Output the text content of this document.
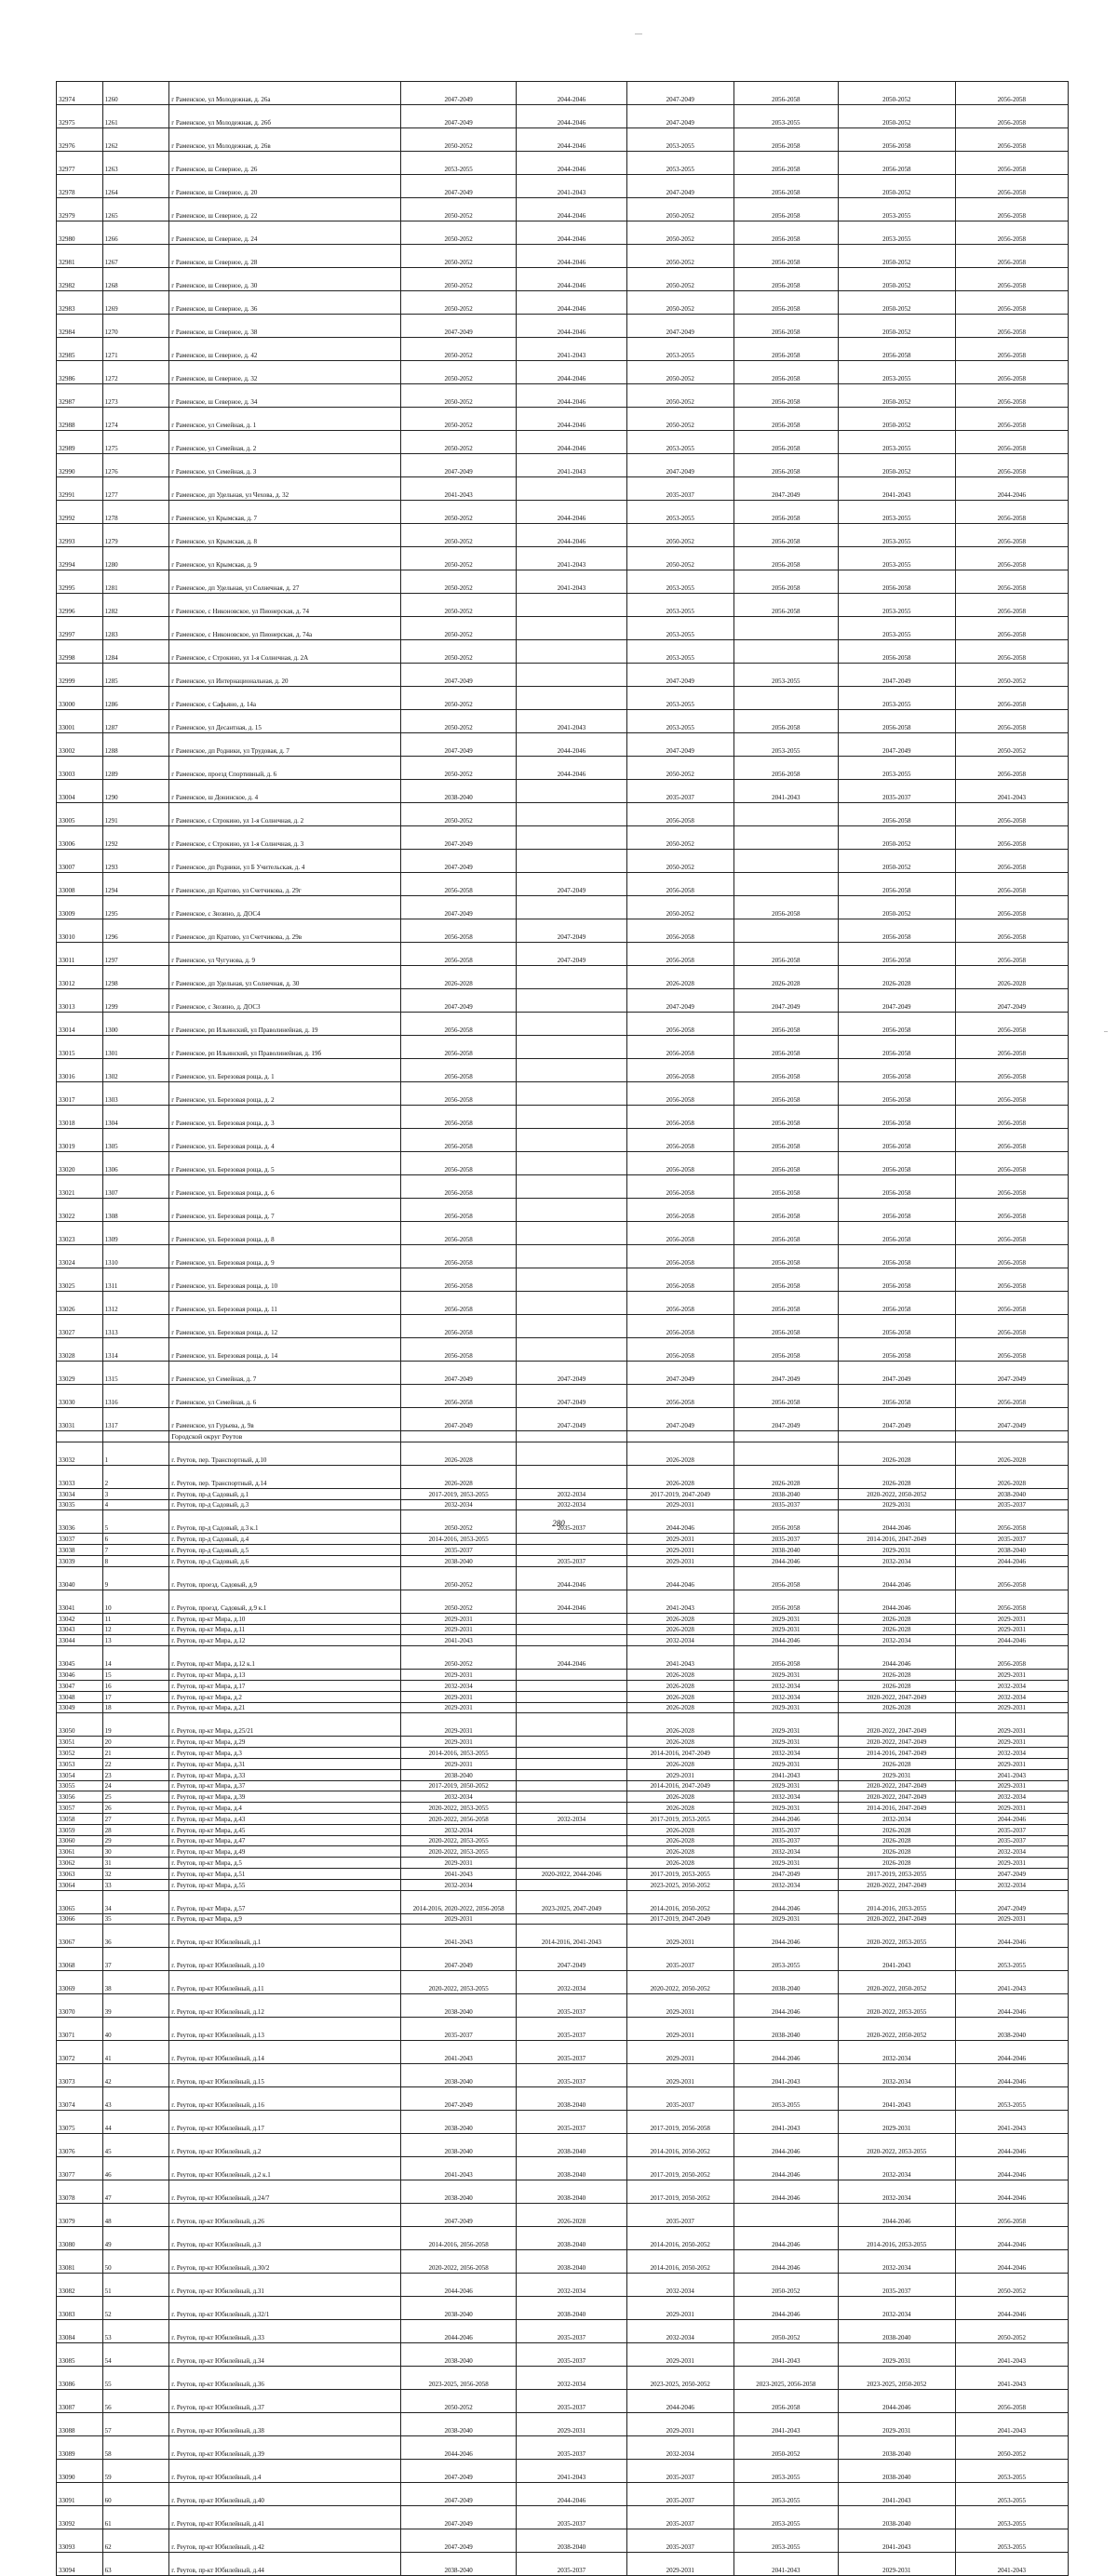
32974	1260	г Раменское, ул Молодежная, д. 26а	2047-2049	2044-2046	2047-2049	2056-2058	2050-2052	2056-2058
32975	1261	г Раменское, ул Молодежная, д. 26б	2047-2049	2044-2046	2047-2049	2053-2055	2050-2052	2056-2058
32976	1262	г Раменское, ул Молодежная, д. 26в	2050-2052	2044-2046	2053-2055	2056-2058	2056-2058	2056-2058
32977	1263	г Раменское, ш Северное, д. 26	2053-2055	2044-2046	2053-2055	2056-2058	2056-2058	2056-2058
32978	1264	г Раменское, ш Северное, д. 20	2047-2049	2041-2043	2047-2049	2056-2058	2050-2052	2056-2058
32979	1265	г Раменское, ш Северное, д. 22	2050-2052	2044-2046	2050-2052	2056-2058	2053-2055	2056-2058
32980	1266	г Раменское, ш Северное, д. 24	2050-2052	2044-2046	2050-2052	2056-2058	2053-2055	2056-2058
32981	1267	г Раменское, ш Северное, д. 28	2050-2052	2044-2046	2050-2052	2056-2058	2050-2052	2056-2058
32982	1268	г Раменское, ш Северное, д. 30	2050-2052	2044-2046	2050-2052	2056-2058	2050-2052	2056-2058
32983	1269	г Раменское, ш Северное, д. 36	2050-2052	2044-2046	2050-2052	2056-2058	2050-2052	2056-2058
32984	1270	г Раменское, ш Северное, д. 38	2047-2049	2044-2046	2047-2049	2056-2058	2050-2052	2056-2058
32985	1271	г Раменское, ш Северное, д. 42	2050-2052	2041-2043	2053-2055	2056-2058	2056-2058	2056-2058
32986	1272	г Раменское, ш Северное, д. 32	2050-2052	2044-2046	2050-2052	2056-2058	2053-2055	2056-2058
32987	1273	г Раменское, ш Северное, д. 34	2050-2052	2044-2046	2050-2052	2056-2058	2050-2052	2056-2058
32988	1274	г Раменское, ул Семейная, д. 1	2050-2052	2044-2046	2050-2052	2056-2058	2050-2052	2056-2058
32989	1275	г Раменское, ул Семейная, д. 2	2050-2052	2044-2046	2053-2055	2056-2058	2053-2055	2056-2058
32990	1276	г Раменское, ул Семейная, д. 3	2047-2049	2041-2043	2047-2049	2056-2058	2050-2052	2056-2058
32991	1277	г Раменское, дп Удельная, ул Чехова, д. 32	2041-2043		2035-2037	2047-2049	2041-2043	2044-2046
32992	1278	г Раменское, ул Крымская, д. 7	2050-2052	2044-2046	2053-2055	2056-2058	2053-2055	2056-2058
32993	1279	г Раменское, ул Крымская, д. 8	2050-2052	2044-2046	2050-2052	2056-2058	2053-2055	2056-2058
32994	1280	г Раменское, ул Крымская, д. 9	2050-2052	2041-2043	2050-2052	2056-2058	2053-2055	2056-2058
32995	1281	г Раменское, дп Удельная, ул Солнечная, д. 27	2050-2052	2041-2043	2053-2055	2056-2058	2056-2058	2056-2058
32996	1282	г Раменское, с Никоновское, ул Пионерская, д. 74	2050-2052		2053-2055	2056-2058	2053-2055	2056-2058
32997	1283	г Раменское, с Никоновское, ул Пионерская, д. 74а	2050-2052		2053-2055		2053-2055	2056-2058
32998	1284	г Раменское, с Строкино, ул 1-я Солнечная, д. 2А	2050-2052		2053-2055		2056-2058	2056-2058
32999	1285	г Раменское, ул Интернациональная, д. 20	2047-2049		2047-2049	2053-2055	2047-2049	2050-2052
33000	1286	г Раменское, с Сафьяно, д. 14а	2050-2052		2053-2055		2053-2055	2056-2058
33001	1287	г Раменское, ул Десантная, д. 15	2050-2052	2041-2043	2053-2055	2056-2058	2056-2058	2056-2058
33002	1288	г Раменское, дп Родники, ул Трудовая, д. 7	2047-2049	2044-2046	2047-2049	2053-2055	2047-2049	2050-2052
33003	1289	г Раменское, проезд Спортивный, д. 6	2050-2052	2044-2046	2050-2052	2056-2058	2053-2055	2056-2058
33004	1290	г Раменское, ш Донинское, д. 4	2038-2040		2035-2037	2041-2043	2035-2037	2041-2043
33005	1291	г Раменское, с Строкино, ул 1-я Солнечная, д. 2	2050-2052		2056-2058		2056-2058	2056-2058
33006	1292	г Раменское, с Строкино, ул 1-я Солнечная, д. 3	2047-2049		2050-2052		2050-2052	2056-2058
33007	1293	г Раменское, дп Родники, ул Б Учительская, д. 4	2047-2049		2050-2052		2050-2052	2056-2058
33008	1294	г Раменское, дп Кратово, ул Счетчикова, д. 29г	2056-2058	2047-2049	2056-2058		2056-2058	2056-2058
33009	1295	г Раменское, с Зюзино, д. ДОС4	2047-2049		2050-2052	2056-2058	2050-2052	2056-2058
33010	1296	г Раменское, дп Кратово, ул Счетчикова, д. 29в	2056-2058	2047-2049	2056-2058		2056-2058	2056-2058
33011	1297	г Раменское, ул Чугунова, д. 9	2056-2058	2047-2049	2056-2058	2056-2058	2056-2058	2056-2058
33012	1298	г Раменское, дп Удельная, ул Солнечная, д. 30	2026-2028		2026-2028	2026-2028	2026-2028	2026-2028
33013	1299	г Раменское, с Зюзино, д. ДОС3	2047-2049		2047-2049	2047-2049	2047-2049	2047-2049
33014	1300	г Раменское, рп Ильинский, ул Праволинейная, д. 19	2056-2058		2056-2058	2056-2058	2056-2058	2056-2058
33015	1301	г Раменское, рп Ильинский, ул Праволинейная, д. 19б	2056-2058		2056-2058	2056-2058	2056-2058	2056-2058
33016	1302	г Раменское, ул. Березовая роща, д. 1	2056-2058		2056-2058	2056-2058	2056-2058	2056-2058
33017	1303	г Раменское, ул. Березовая роща, д. 2	2056-2058		2056-2058	2056-2058	2056-2058	2056-2058
33018	1304	г Раменское, ул. Березовая роща, д. 3	2056-2058		2056-2058	2056-2058	2056-2058	2056-2058
33019	1305	г Раменское, ул. Березовая роща, д. 4	2056-2058		2056-2058	2056-2058	2056-2058	2056-2058
33020	1306	г Раменское, ул. Березовая роща, д. 5	2056-2058		2056-2058	2056-2058	2056-2058	2056-2058
33021	1307	г Раменское, ул. Березовая роща, д. 6	2056-2058		2056-2058	2056-2058	2056-2058	2056-2058
33022	1308	г Раменское, ул. Березовая роща, д. 7	2056-2058		2056-2058	2056-2058	2056-2058	2056-2058
33023	1309	г Раменское, ул. Березовая роща, д. 8	2056-2058		2056-2058	2056-2058	2056-2058	2056-2058
33024	1310	г Раменское, ул. Березовая роща, д. 9	2056-2058		2056-2058	2056-2058	2056-2058	2056-2058
33025	1311	г Раменское, ул. Березовая роща, д. 10	2056-2058		2056-2058	2056-2058	2056-2058	2056-2058
33026	1312	г Раменское, ул. Березовая роща, д. 11	2056-2058		2056-2058	2056-2058	2056-2058	2056-2058
33027	1313	г Раменское, ул. Березовая роща, д. 12	2056-2058		2056-2058	2056-2058	2056-2058	2056-2058
33028	1314	г Раменское, ул. Березовая роща, д. 14	2056-2058		2056-2058	2056-2058	2056-2058	2056-2058
33029	1315	г Раменское, ул Семейная, д. 7	2047-2049	2047-2049	2047-2049	2047-2049	2047-2049	2047-2049
33030	1316	г Раменское, ул Семейная, д. 6	2056-2058	2047-2049	2056-2058	2056-2058	2056-2058	2056-2058
33031	1317	г Раменское, ул Гурьева, д. 9в	2047-2049	2047-2049	2047-2049	2047-2049	2047-2049	2047-2049
		Городской округ Реутов						
33032	1	г. Реутов, пер. Транспортный, д.10	2026-2028		2026-2028		2026-2028	2026-2028
33033	2	г. Реутов, пер. Транспортный, д.14	2026-2028		2026-2028	2026-2028	2026-2028	2026-2028
33034	3	г. Реутов, пр-д Садовый, д.1	2017-2019, 2053-2055	2032-2034	2017-2019, 2047-2049	2038-2040	2020-2022, 2050-2052	2038-2040
33035	4	г. Реутов, пр-д Садовый, д.3	2032-2034	2032-2034	2029-2031	2035-2037	2029-2031	2035-2037
33036	5	г. Реутов, пр-д Садовый, д.3 к.1	2050-2052	2035-2037	2044-2046	2056-2058	2044-2046	2056-2058
33037	6	г. Реутов, пр-д Садовый, д.4	2014-2016, 2053-2055		2029-2031	2035-2037	2014-2016, 2047-2049	2035-2037
33038	7	г. Реутов, пр-д Садовый, д.5	2035-2037		2029-2031	2038-2040	2029-2031	2038-2040
33039	8	г. Реутов, пр-д Садовый, д.6	2038-2040	2035-2037	2029-2031	2044-2046	2032-2034	2044-2046
33040	9	г. Реутов, проезд. Садовый, д.9	2050-2052	2044-2046	2044-2046	2056-2058	2044-2046	2056-2058
33041	10	г. Реутов, проезд. Садовый, д.9 к.1	2050-2052	2044-2046	2041-2043	2056-2058	2044-2046	2056-2058
33042	11	г. Реутов, пр-кт Мира, д.10	2029-2031		2026-2028	2029-2031	2026-2028	2029-2031
33043	12	г. Реутов, пр-кт Мира, д.11	2029-2031		2026-2028	2029-2031	2026-2028	2029-2031
33044	13	г. Реутов, пр-кт Мира, д.12	2041-2043		2032-2034	2044-2046	2032-2034	2044-2046
33045	14	г. Реутов, пр-кт Мира, д.12 к.1	2050-2052	2044-2046	2041-2043	2056-2058	2044-2046	2056-2058
33046	15	г. Реутов, пр-кт Мира, д.13	2029-2031		2026-2028	2029-2031	2026-2028	2029-2031
33047	16	г. Реутов, пр-кт Мира, д.17	2032-2034		2026-2028	2032-2034	2026-2028	2032-2034
33048	17	г. Реутов, пр-кт Мира, д.2	2029-2031		2026-2028	2032-2034	2020-2022, 2047-2049	2032-2034
33049	18	г. Реутов, пр-кт Мира, д.21	2029-2031		2026-2028	2029-2031	2026-2028	2029-2031
33050	19	г. Реутов, пр-кт Мира, д.25/21	2029-2031		2026-2028	2029-2031	2020-2022, 2047-2049	2029-2031
33051	20	г. Реутов, пр-кт Мира, д.29	2029-2031		2026-2028	2029-2031	2020-2022, 2047-2049	2029-2031
33052	21	г. Реутов, пр-кт Мира, д.3	2014-2016, 2053-2055		2014-2016, 2047-2049	2032-2034	2014-2016, 2047-2049	2032-2034
33053	22	г. Реутов, пр-кт Мира, д.31	2029-2031		2026-2028	2029-2031	2026-2028	2029-2031
33054	23	г. Реутов, пр-кт Мира, д.33	2038-2040		2029-2031	2041-2043	2029-2031	2041-2043
33055	24	г. Реутов, пр-кт Мира, д.37	2017-2019, 2050-2052		2014-2016, 2047-2049	2029-2031	2020-2022, 2047-2049	2029-2031
33056	25	г. Реутов, пр-кт Мира, д.39	2032-2034		2026-2028	2032-2034	2020-2022, 2047-2049	2032-2034
33057	26	г. Реутов, пр-кт Мира, д.4	2020-2022, 2053-2055		2026-2028	2029-2031	2014-2016, 2047-2049	2029-2031
33058	27	г. Реутов, пр-кт Мира, д.43	2020-2022, 2056-2058	2032-2034	2017-2019, 2053-2055	2044-2046	2032-2034	2044-2046
33059	28	г. Реутов, пр-кт Мира, д.45	2032-2034		2026-2028	2035-2037	2026-2028	2035-2037
33060	29	г. Реутов, пр-кт Мира, д.47	2020-2022, 2053-2055		2026-2028	2035-2037	2026-2028	2035-2037
33061	30	г. Реутов, пр-кт Мира, д.49	2020-2022, 2053-2055		2026-2028	2032-2034	2026-2028	2032-2034
33062	31	г. Реутов, пр-кт Мира, д.5	2029-2031		2026-2028	2029-2031	2026-2028	2029-2031
33063	32	г. Реутов, пр-кт Мира, д.51	2041-2043	2020-2022, 2044-2046	2017-2019, 2053-2055	2047-2049	2017-2019, 2053-2055	2047-2049
33064	33	г. Реутов, пр-кт Мира, д.55	2032-2034		2023-2025, 2050-2052	2032-2034	2020-2022, 2047-2049	2032-2034
33065	34	г. Реутов, пр-кт Мира, д.57	2014-2016, 2020-2022, 2056-2058	2023-2025, 2047-2049	2014-2016, 2050-2052	2044-2046	2014-2016, 2053-2055	2047-2049
33066	35	г. Реутов, пр-кт Мира, д.9	2029-2031		2017-2019, 2047-2049	2029-2031	2020-2022, 2047-2049	2029-2031
33067	36	г. Реутов, пр-кт Юбилейный, д.1	2041-2043	2014-2016, 2041-2043	2029-2031	2044-2046	2020-2022, 2053-2055	2044-2046
33068	37	г. Реутов, пр-кт Юбилейный, д.10	2047-2049	2047-2049	2035-2037	2053-2055	2041-2043	2053-2055
33069	38	г. Реутов, пр-кт Юбилейный, д.11	2020-2022, 2053-2055	2032-2034	2020-2022, 2050-2052	2038-2040	2020-2022, 2050-2052	2041-2043
33070	39	г. Реутов, пр-кт Юбилейный, д.12	2038-2040	2035-2037	2029-2031	2044-2046	2020-2022, 2053-2055	2044-2046
33071	40	г. Реутов, пр-кт Юбилейный, д.13	2035-2037	2035-2037	2029-2031	2038-2040	2020-2022, 2050-2052	2038-2040
33072	41	г. Реутов, пр-кт Юбилейный, д.14	2041-2043	2035-2037	2029-2031	2044-2046	2032-2034	2044-2046
33073	42	г. Реутов, пр-кт Юбилейный, д.15	2038-2040	2035-2037	2029-2031	2041-2043	2032-2034	2044-2046
33074	43	г. Реутов, пр-кт Юбилейный, д.16	2047-2049	2038-2040	2035-2037	2053-2055	2041-2043	2053-2055
33075	44	г. Реутов, пр-кт Юбилейный, д.17	2038-2040	2035-2037	2017-2019, 2056-2058	2041-2043	2029-2031	2041-2043
33076	45	г. Реутов, пр-кт Юбилейный, д.2	2038-2040	2038-2040	2014-2016, 2050-2052	2044-2046	2020-2022, 2053-2055	2044-2046
33077	46	г. Реутов, пр-кт Юбилейный, д.2 к.1	2041-2043	2038-2040	2017-2019, 2050-2052	2044-2046	2032-2034	2044-2046
33078	47	г. Реутов, пр-кт Юбилейный, д.24/7	2038-2040	2038-2040	2017-2019, 2050-2052	2044-2046	2032-2034	2044-2046
33079	48	г. Реутов, пр-кт Юбилейный, д.26	2047-2049	2026-2028	2035-2037		2044-2046	2056-2058
33080	49	г. Реутов, пр-кт Юбилейный, д.3	2014-2016, 2056-2058	2038-2040	2014-2016, 2050-2052	2044-2046	2014-2016, 2053-2055	2044-2046
33081	50	г. Реутов, пр-кт Юбилейный, д.30/2	2020-2022, 2056-2058	2038-2040	2014-2016, 2050-2052	2044-2046	2032-2034	2044-2046
33082	51	г. Реутов, пр-кт Юбилейный, д.31	2044-2046	2032-2034	2032-2034	2050-2052	2035-2037	2050-2052
33083	52	г. Реутов, пр-кт Юбилейный, д.32/1	2038-2040	2038-2040	2029-2031	2044-2046	2032-2034	2044-2046
33084	53	г. Реутов, пр-кт Юбилейный, д.33	2044-2046	2035-2037	2032-2034	2050-2052	2038-2040	2050-2052
33085	54	г. Реутов, пр-кт Юбилейный, д.34	2038-2040	2035-2037	2029-2031	2041-2043	2029-2031	2041-2043
33086	55	г. Реутов, пр-кт Юбилейный, д.36	2023-2025, 2056-2058	2032-2034	2023-2025, 2050-2052	2023-2025, 2056-2058	2023-2025, 2050-2052	2041-2043
33087	56	г. Реутов, пр-кт Юбилейный, д.37	2050-2052	2035-2037	2044-2046	2056-2058	2044-2046	2056-2058
33088	57	г. Реутов, пр-кт Юбилейный, д.38	2038-2040	2029-2031	2029-2031	2041-2043	2029-2031	2041-2043
33089	58	г. Реутов, пр-кт Юбилейный, д.39	2044-2046	2035-2037	2032-2034	2050-2052	2038-2040	2050-2052
33090	59	г. Реутов, пр-кт Юбилейный, д.4	2047-2049	2041-2043	2035-2037	2053-2055	2038-2040	2053-2055
33091	60	г. Реутов, пр-кт Юбилейный, д.40	2047-2049	2044-2046	2035-2037	2053-2055	2041-2043	2053-2055
33092	61	г. Реутов, пр-кт Юбилейный, д.41	2047-2049	2035-2037	2035-2037	2053-2055	2038-2040	2053-2055
33093	62	г. Реутов, пр-кт Юбилейный, д.42	2047-2049	2038-2040	2035-2037	2053-2055	2041-2043	2053-2055
33094	63	г. Реутов, пр-кт Юбилейный, д.44	2038-2040	2035-2037	2029-2031	2041-2043	2029-2031	2041-2043
280
